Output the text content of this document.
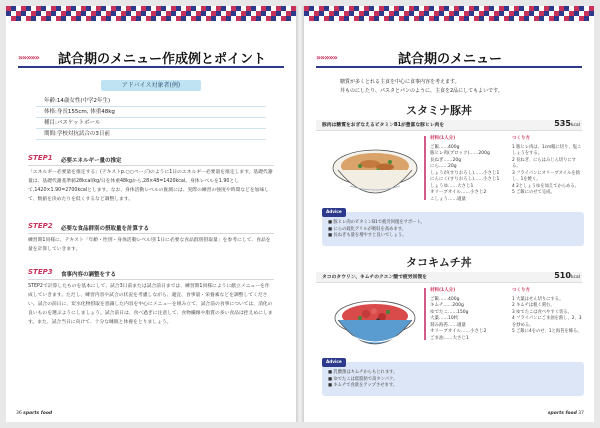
»»»»» 試合期のメニュー作成例とポイント
アドバイス対象者(例)
年齢:14歳女性(中学2年生)
体格:身長155cm, 体重48kg
種目:バスケットボール
期間:学校対抗試合の3日前
STEP1 必要エネルギー量の推定
「エネルギー必要量を推定する」(テキストp.○○ページ)のように1日のエネルギー必要量を推定します。基礎代謝量は、基礎代謝基準値28kcal/kg/日を体重48kgから,28×48=1420kcal。身体レベルを1.90として,1420×1.90=2700kcalとします。なお、身体活動レベルの推測には、実際の練習の強度や時間などを加味して、数値を決めたりを低くするなど調整します。
STEP2 必要な食品群別の摂取量を計算する
練習期1同様に、テキスト「年齢・性別・身体活動レベル別 1日に必要な食品群別摂取量」を参考にして、食品を量を計算していきます。
STEP3 食事内容の調整をする
STEP2で計算したものを基本にして、試合3日前または試合前日までは、練習期1同様にように献立メニューを作成していきます。ただし、練習内容や試合の状況を考慮しながら、適宜、食事量・栄養素などを調整してください。試合の前日に、炭水化物摂取を意識した内容を中心にメニューを組み立て、試合前の食事については、消化の良いものを選ぶようにしましょう。試合前日は、食べ過ぎに注意して、食物繊維や脂質の多い食品は控えめにします。また、試合当日に向けて、十分な睡眠と休養をとりましょう。
36 sports food
»»»»»	試合期のメニュー
糖質が多くとれる主食を中心に食事内容を考えます。
丼ものにしたり、パスタとパンのように、主食を2品にしてもよいです。
スタミナ豚丼
豚肉は糖質をおぎなえるビタミンB1が豊富な豚ヒレ肉を	535kcal
材料(1人分)
ご飯……400g
豚ヒレ肉(ブロック)……200g
長ねぎ……20g
にら……20g
しょうが(すりおろし)……小さじ1
にんにく(すりおろし)……小さじ1
しょうゆ……大さじ1
オリーブオイル……小さじ2
こしょう……適量
つくり方
1 豚ヒレ肉は、1cm幅に切り、塩こしょうをする。
2 長ねぎ、にらはみじん切りにする。
3 フライパンにオリーブオイルを熱し、1を焼く。
4 2としょうゆを加えてからめる。
5 ご飯にのせて完成。
Advice
■ 豚ヒレ肉のビタミンB1で疲労回復をサポート。
■ にらの硫化アリルが吸収を高めます。
■ 長ねぎも量を増やすと良いでしょう。
タコキムチ丼
タコのタウリン、キムチのクエン酸で疲労回復を	510kcal
材料(1人分)
ご飯……400g
キムチ……200g
ゆでたこ……150g
大葉……10枚
刻み海苔……適量
オリーブオイル……小さじ2
ごま油……大さじ1
つくり方
1 大葉はせん切りにする。
2 キムチは粗く刻む。
3 ゆでたこは食べやすく切る。
4 フライパンにごま油を熱し、2、3を炒める。
5 ご飯に4をのせ、1と海苔を飾る。
Advice
■ 乳酸菌はキムチからもとれます。
■ ゆでたこは低脂肪で高タンパク。
■ キムチで食欲をアップさせます。
sports food 37
